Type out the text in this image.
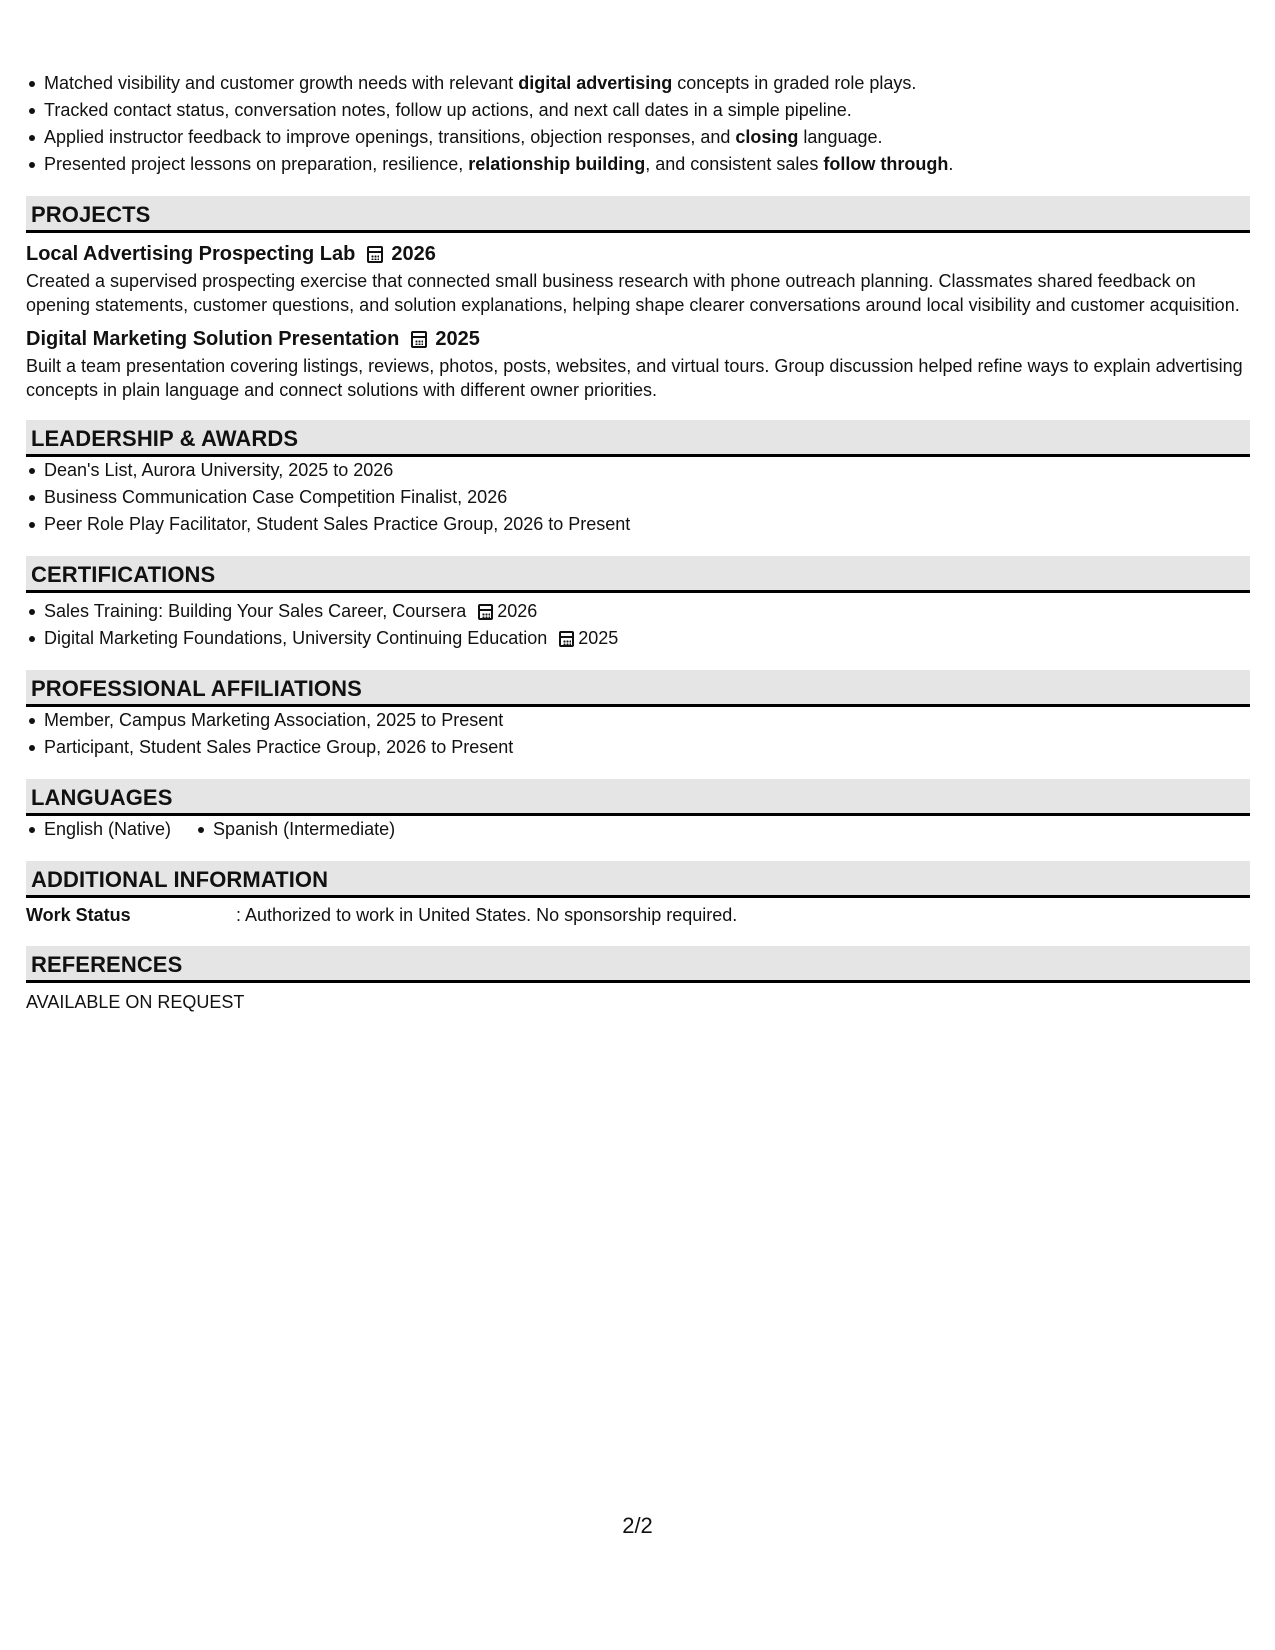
Matched visibility and customer growth needs with relevant digital advertising concepts in graded role plays.
Tracked contact status, conversation notes, follow up actions, and next call dates in a simple pipeline.
Applied instructor feedback to improve openings, transitions, objection responses, and closing language.
Presented project lessons on preparation, resilience, relationship building, and consistent sales follow through.
PROJECTS
Local Advertising Prospecting Lab 2026
Created a supervised prospecting exercise that connected small business research with phone outreach planning. Classmates shared feedback on opening statements, customer questions, and solution explanations, helping shape clearer conversations around local visibility and customer acquisition.
Digital Marketing Solution Presentation 2025
Built a team presentation covering listings, reviews, photos, posts, websites, and virtual tours. Group discussion helped refine ways to explain advertising concepts in plain language and connect solutions with different owner priorities.
LEADERSHIP & AWARDS
Dean's List, Aurora University, 2025 to 2026
Business Communication Case Competition Finalist, 2026
Peer Role Play Facilitator, Student Sales Practice Group, 2026 to Present
CERTIFICATIONS
Sales Training: Building Your Sales Career, Coursera 2026
Digital Marketing Foundations, University Continuing Education 2025
PROFESSIONAL AFFILIATIONS
Member, Campus Marketing Association, 2025 to Present
Participant, Student Sales Practice Group, 2026 to Present
LANGUAGES
English (Native) Spanish (Intermediate)
ADDITIONAL INFORMATION
Work Status	: Authorized to work in United States. No sponsorship required.
REFERENCES
AVAILABLE ON REQUEST
2/2
